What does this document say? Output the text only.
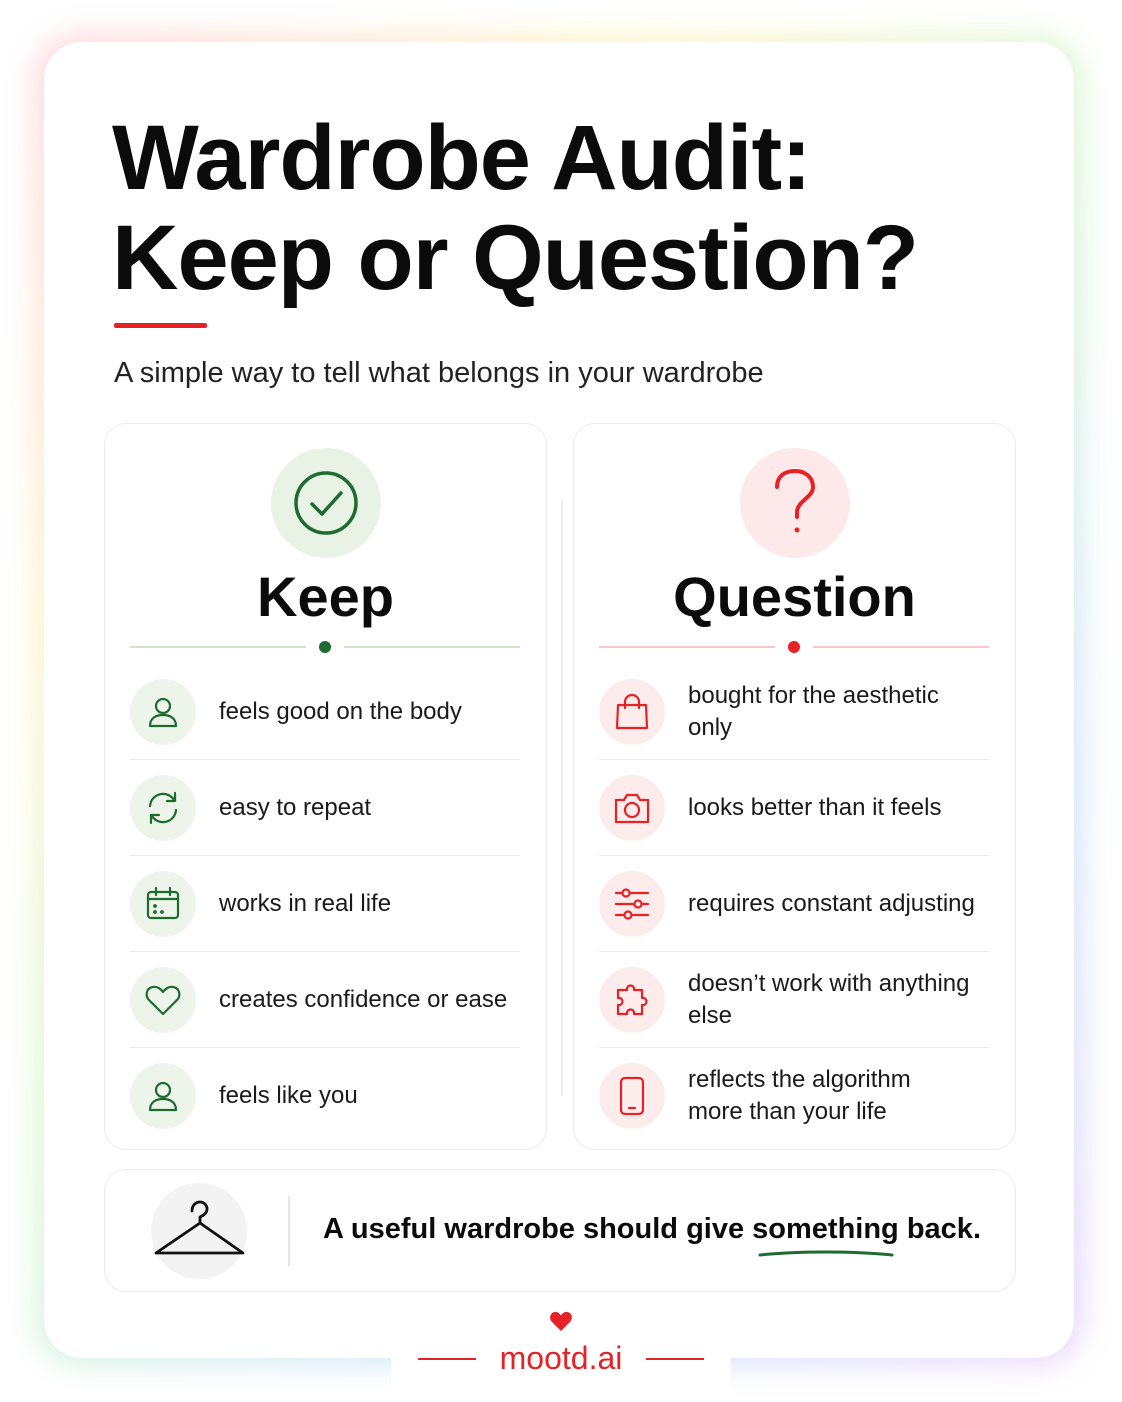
Wardrobe Audit:
Keep or Question?

A simple way to tell what belongs in your wardrobe

Keep
feels good on the body
easy to repeat
works in real life
creates confidence or ease
feels like you
Question
bought for the aesthetic only
looks better than it feels
requires constant adjusting
doesn’t work with anything else
reflects the algorithm more than your life
A useful wardrobe should give something
back.
mootd.ai
